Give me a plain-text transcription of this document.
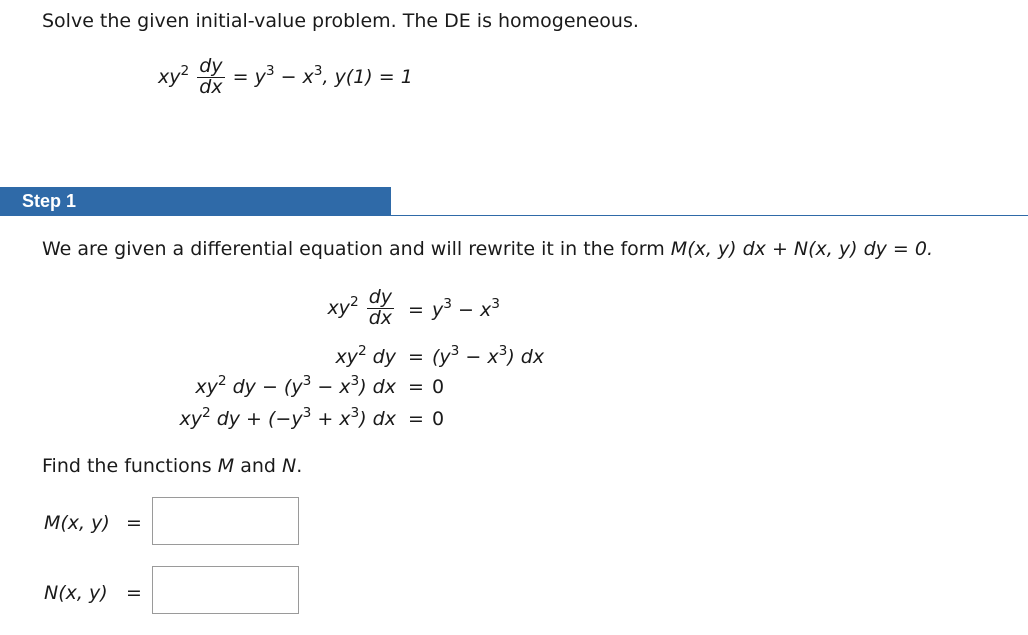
Solve the given initial-value problem. The DE is homogeneous.
$xy^2 \frac{dy}{dx} = y^3 - x^3$, y(1) = 1
Step 1
We are given a differential equation and will rewrite it in the form M(x, y) dx + N(x, y) dy = 0.
$xy^2 \frac{dy}{dx} = y^3 - x^3$
$xy^2$ dy = $(y^3 - x^3)$ dx
$xy^2$ dy − $(y^3 - x^3)$ dx = 0
$xy^2$ dy + $(-y^3 + x^3)$ dx = 0
Find the functions M and N.
M(x, y) =
N(x, y) =
